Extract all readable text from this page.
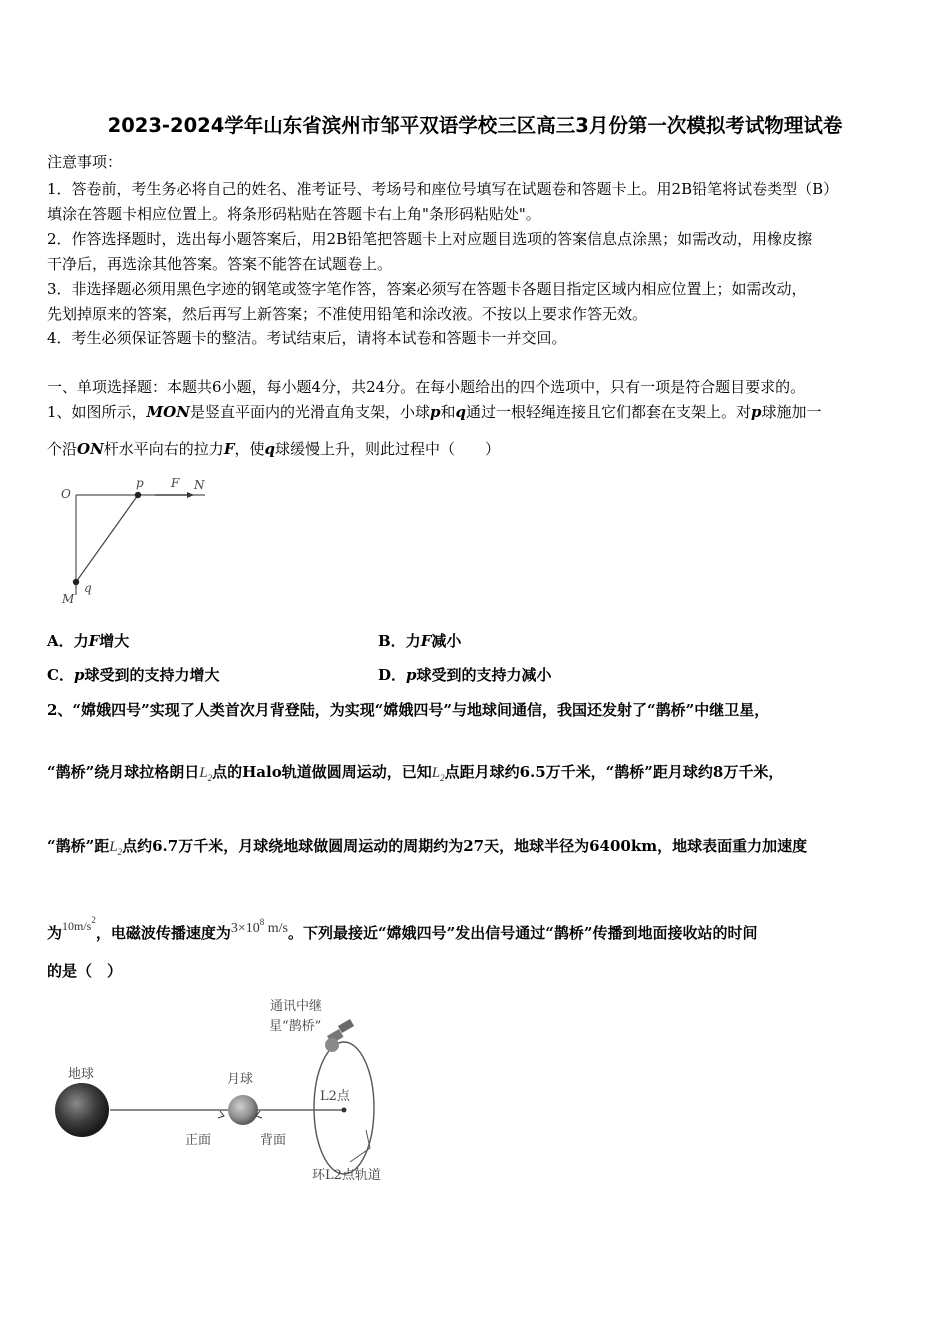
2023-2024学年山东省滨州市邹平双语学校三区高三3月份第一次模拟考试物理试卷
注意事项：
1．答卷前，考生务必将自己的姓名、准考证号、考场号和座位号填写在试题卷和答题卡上。用2B铅笔将试卷类型（B）
填涂在答题卡相应位置上。将条形码粘贴在答题卡右上角"条形码粘贴处"。
2．作答选择题时，选出每小题答案后，用2B铅笔把答题卡上对应题目选项的答案信息点涂黑；如需改动，用橡皮擦
干净后，再选涂其他答案。答案不能答在试题卷上。
3．非选择题必须用黑色字迹的钢笔或签字笔作答，答案必须写在答题卡各题目指定区域内相应位置上；如需改动，
先划掉原来的答案，然后再写上新答案；不准使用铅笔和涂改液。不按以上要求作答无效。
4．考生必须保证答题卡的整洁。考试结束后，请将本试卷和答题卡一并交回。
一、单项选择题：本题共6小题，每小题4分，共24分。在每小题给出的四个选项中，只有一项是符合题目要求的。
1、如图所示，MON是竖直平面内的光滑直角支架，小球p和q通过一根轻绳连接且它们都套在支架上。对p球施加一
个沿ON杆水平向右的拉力F，使q球缓慢上升，则此过程中（　　）
O
p F N
M
q
A．力F增大	B．力F减小
C．p球受到的支持力增大	D．p球受到的支持力减小
2、“嫦娥四号”实现了人类首次月背登陆，为实现“嫦娥四号”与地球间通信，我国还发射了“鹊桥”中继卫星，
“鹊桥”绕月球拉格朗日$L_2$点的Halo轨道做圆周运动，已知$L_2$点距月球约6.5万千米，“鹊桥”距月球约8万千米，
“鹊桥”距$L_2$点约6.7万千米，月球绕地球做圆周运动的周期约为27天，地球半径为6400km，地球表面重力加速度
为$^{10m/s^2}$，电磁波传播速度为$3\times 10^8$ m/s。下列最接近“嫦娥四号”发出信号通过“鹊桥”传播到地面接收站的时间
的是（　）
通讯中继
星“鹊桥”
地球	月球
正面	背面
L2点
环L2点轨道
